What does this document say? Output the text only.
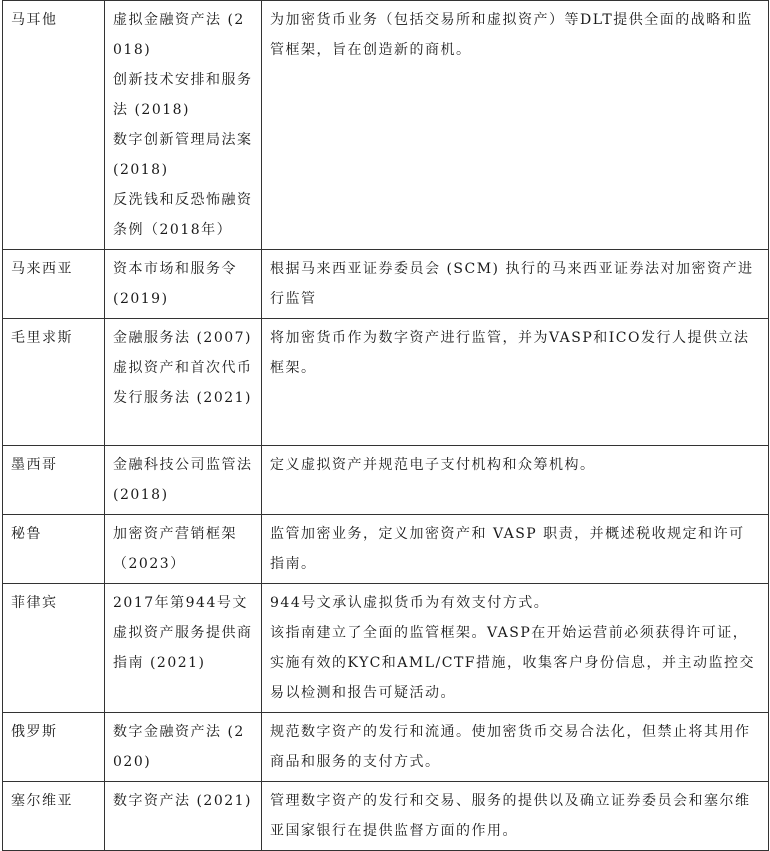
马耳他	虚拟金融资产法 (2018)
创新技术安排和服务法 (2018)
数字创新管理局法案 (2018)
反洗钱和反恐怖融资条例（2018年）	为加密货币业务（包括交易所和虚拟资产）等DLT提供全面的战略和监管框架，旨在创造新的商机。

马来西亚	资本市场和服务令 (2019)	根据马来西亚证券委员会 (SCM) 执行的马来西亚证券法对加密资产进行监管

毛里求斯	金融服务法 (2007)
虚拟资产和首次代币发行服务法 (2021)	将加密货币作为数字资产进行监管，并为VASP和ICO发行人提供立法框架。

墨西哥	金融科技公司监管法 (2018)	定义虚拟资产并规范电子支付机构和众筹机构。

秘鲁	加密资产营销框架（2023）	监管加密业务，定义加密资产和 VASP 职责，并概述税收规定和许可指南。

菲律宾	2017年第944号文
虚拟资产服务提供商指南 (2021)	944号文承认虚拟货币为有效支付方式。
该指南建立了全面的监管框架。VASP在开始运营前必须获得许可证，实施有效的KYC和AML/CTF措施，收集客户身份信息，并主动监控交易以检测和报告可疑活动。

俄罗斯	数字金融资产法 (2020)	规范数字资产的发行和流通。使加密货币交易合法化，但禁止将其用作商品和服务的支付方式。

塞尔维亚	数字资产法 (2021)	管理数字资产的发行和交易、服务的提供以及确立证券委员会和塞尔维亚国家银行在提供监督方面的作用。
